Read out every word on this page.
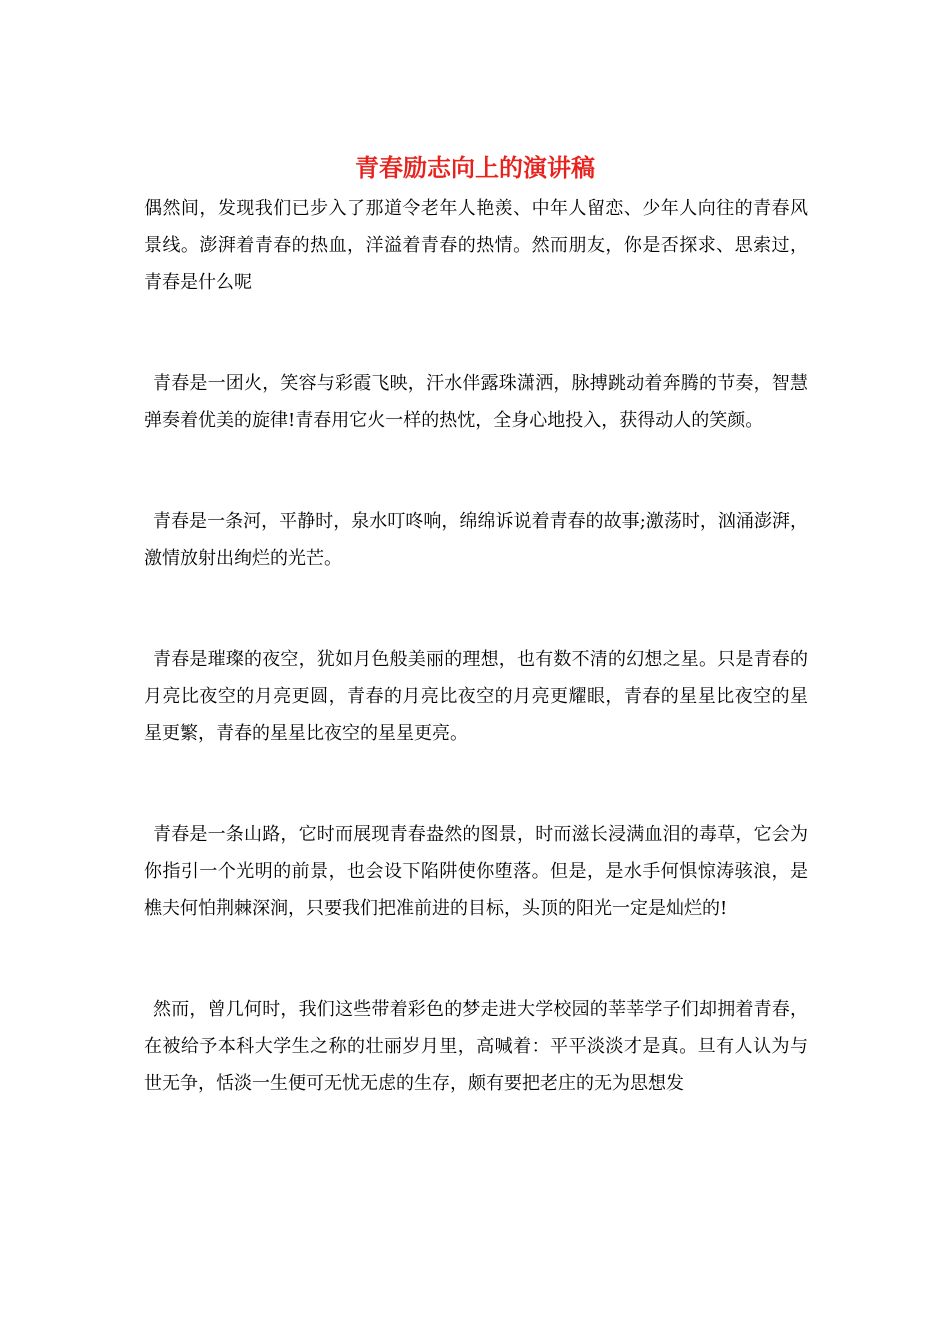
青春励志向上的演讲稿

偶然间，发现我们已步入了那道令老年人艳羡、中年人留恋、少年人向往的青春风景线。澎湃着青春的热血，洋溢着青春的热情。然而朋友，你是否探求、思索过，青春是什么呢

青春是一团火，笑容与彩霞飞映，汗水伴露珠潇洒，脉搏跳动着奔腾的节奏，智慧弹奏着优美的旋律!青春用它火一样的热忱，全身心地投入，获得动人的笑颜。

青春是一条河，平静时，泉水叮咚响，绵绵诉说着青春的故事;激荡时，汹涌澎湃，激情放射出绚烂的光芒。

青春是璀璨的夜空，犹如月色般美丽的理想，也有数不清的幻想之星。只是青春的月亮比夜空的月亮更圆，青春的月亮比夜空的月亮更耀眼，青春的星星比夜空的星星更繁，青春的星星比夜空的星星更亮。

青春是一条山路，它时而展现青春盎然的图景，时而滋长浸满血泪的毒草，它会为你指引一个光明的前景，也会设下陷阱使你堕落。但是，是水手何惧惊涛骇浪，是樵夫何怕荆棘深涧，只要我们把准前进的目标，头顶的阳光一定是灿烂的!

然而，曾几何时，我们这些带着彩色的梦走进大学校园的莘莘学子们却拥着青春，在被给予本科大学生之称的壮丽岁月里，高喊着：平平淡淡才是真。旦有人认为与世无争，恬淡一生便可无忧无虑的生存，颇有要把老庄的无为思想发
